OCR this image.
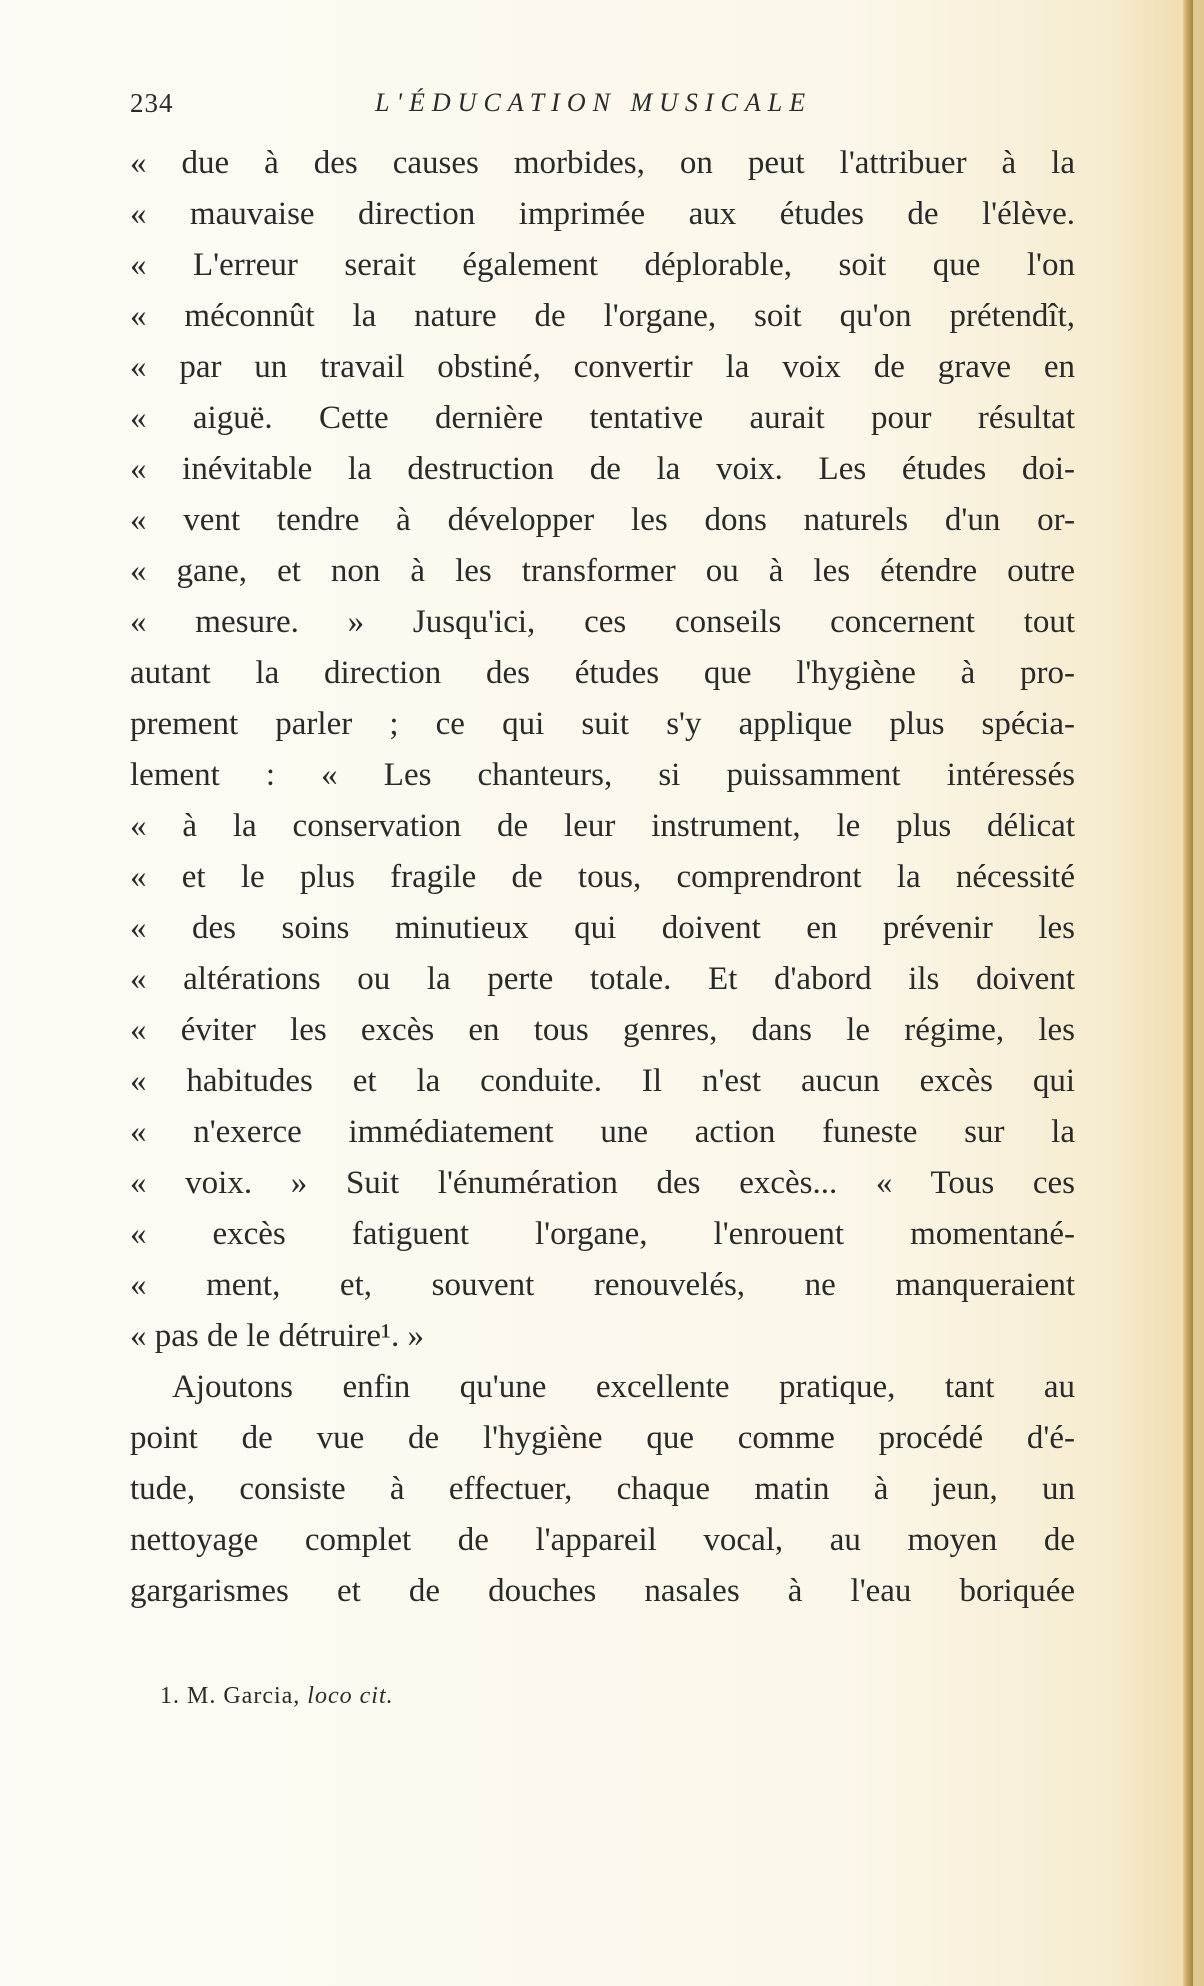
234	L'ÉDUCATION MUSICALE
« due à des causes morbides, on peut l'attribuer à la
« mauvaise direction imprimée aux études de l'élève.
« L'erreur serait également déplorable, soit que l'on
« méconnût la nature de l'organe, soit qu'on prétendît,
« par un travail obstiné, convertir la voix de grave en
« aiguë. Cette dernière tentative aurait pour résultat
« inévitable la destruction de la voix. Les études doi-
« vent tendre à développer les dons naturels d'un or-
« gane, et non à les transformer ou à les étendre outre
« mesure. » Jusqu'ici, ces conseils concernent tout
autant la direction des études que l'hygiène à pro-
prement parler ; ce qui suit s'y applique plus spécia-
lement : « Les chanteurs, si puissamment intéressés
« à la conservation de leur instrument, le plus délicat
« et le plus fragile de tous, comprendront la nécessité
« des soins minutieux qui doivent en prévenir les
« altérations ou la perte totale. Et d'abord ils doivent
« éviter les excès en tous genres, dans le régime, les
« habitudes et la conduite. Il n'est aucun excès qui
« n'exerce immédiatement une action funeste sur la
« voix. » Suit l'énumération des excès... « Tous ces
« excès fatiguent l'organe, l'enrouent momentané-
« ment, et, souvent renouvelés, ne manqueraient
« pas de le détruire¹. »
Ajoutons enfin qu'une excellente pratique, tant au
point de vue de l'hygiène que comme procédé d'é-
tude, consiste à effectuer, chaque matin à jeun, un
nettoyage complet de l'appareil vocal, au moyen de
gargarismes et de douches nasales à l'eau boriquée
1. M. Garcia, loco cit.
